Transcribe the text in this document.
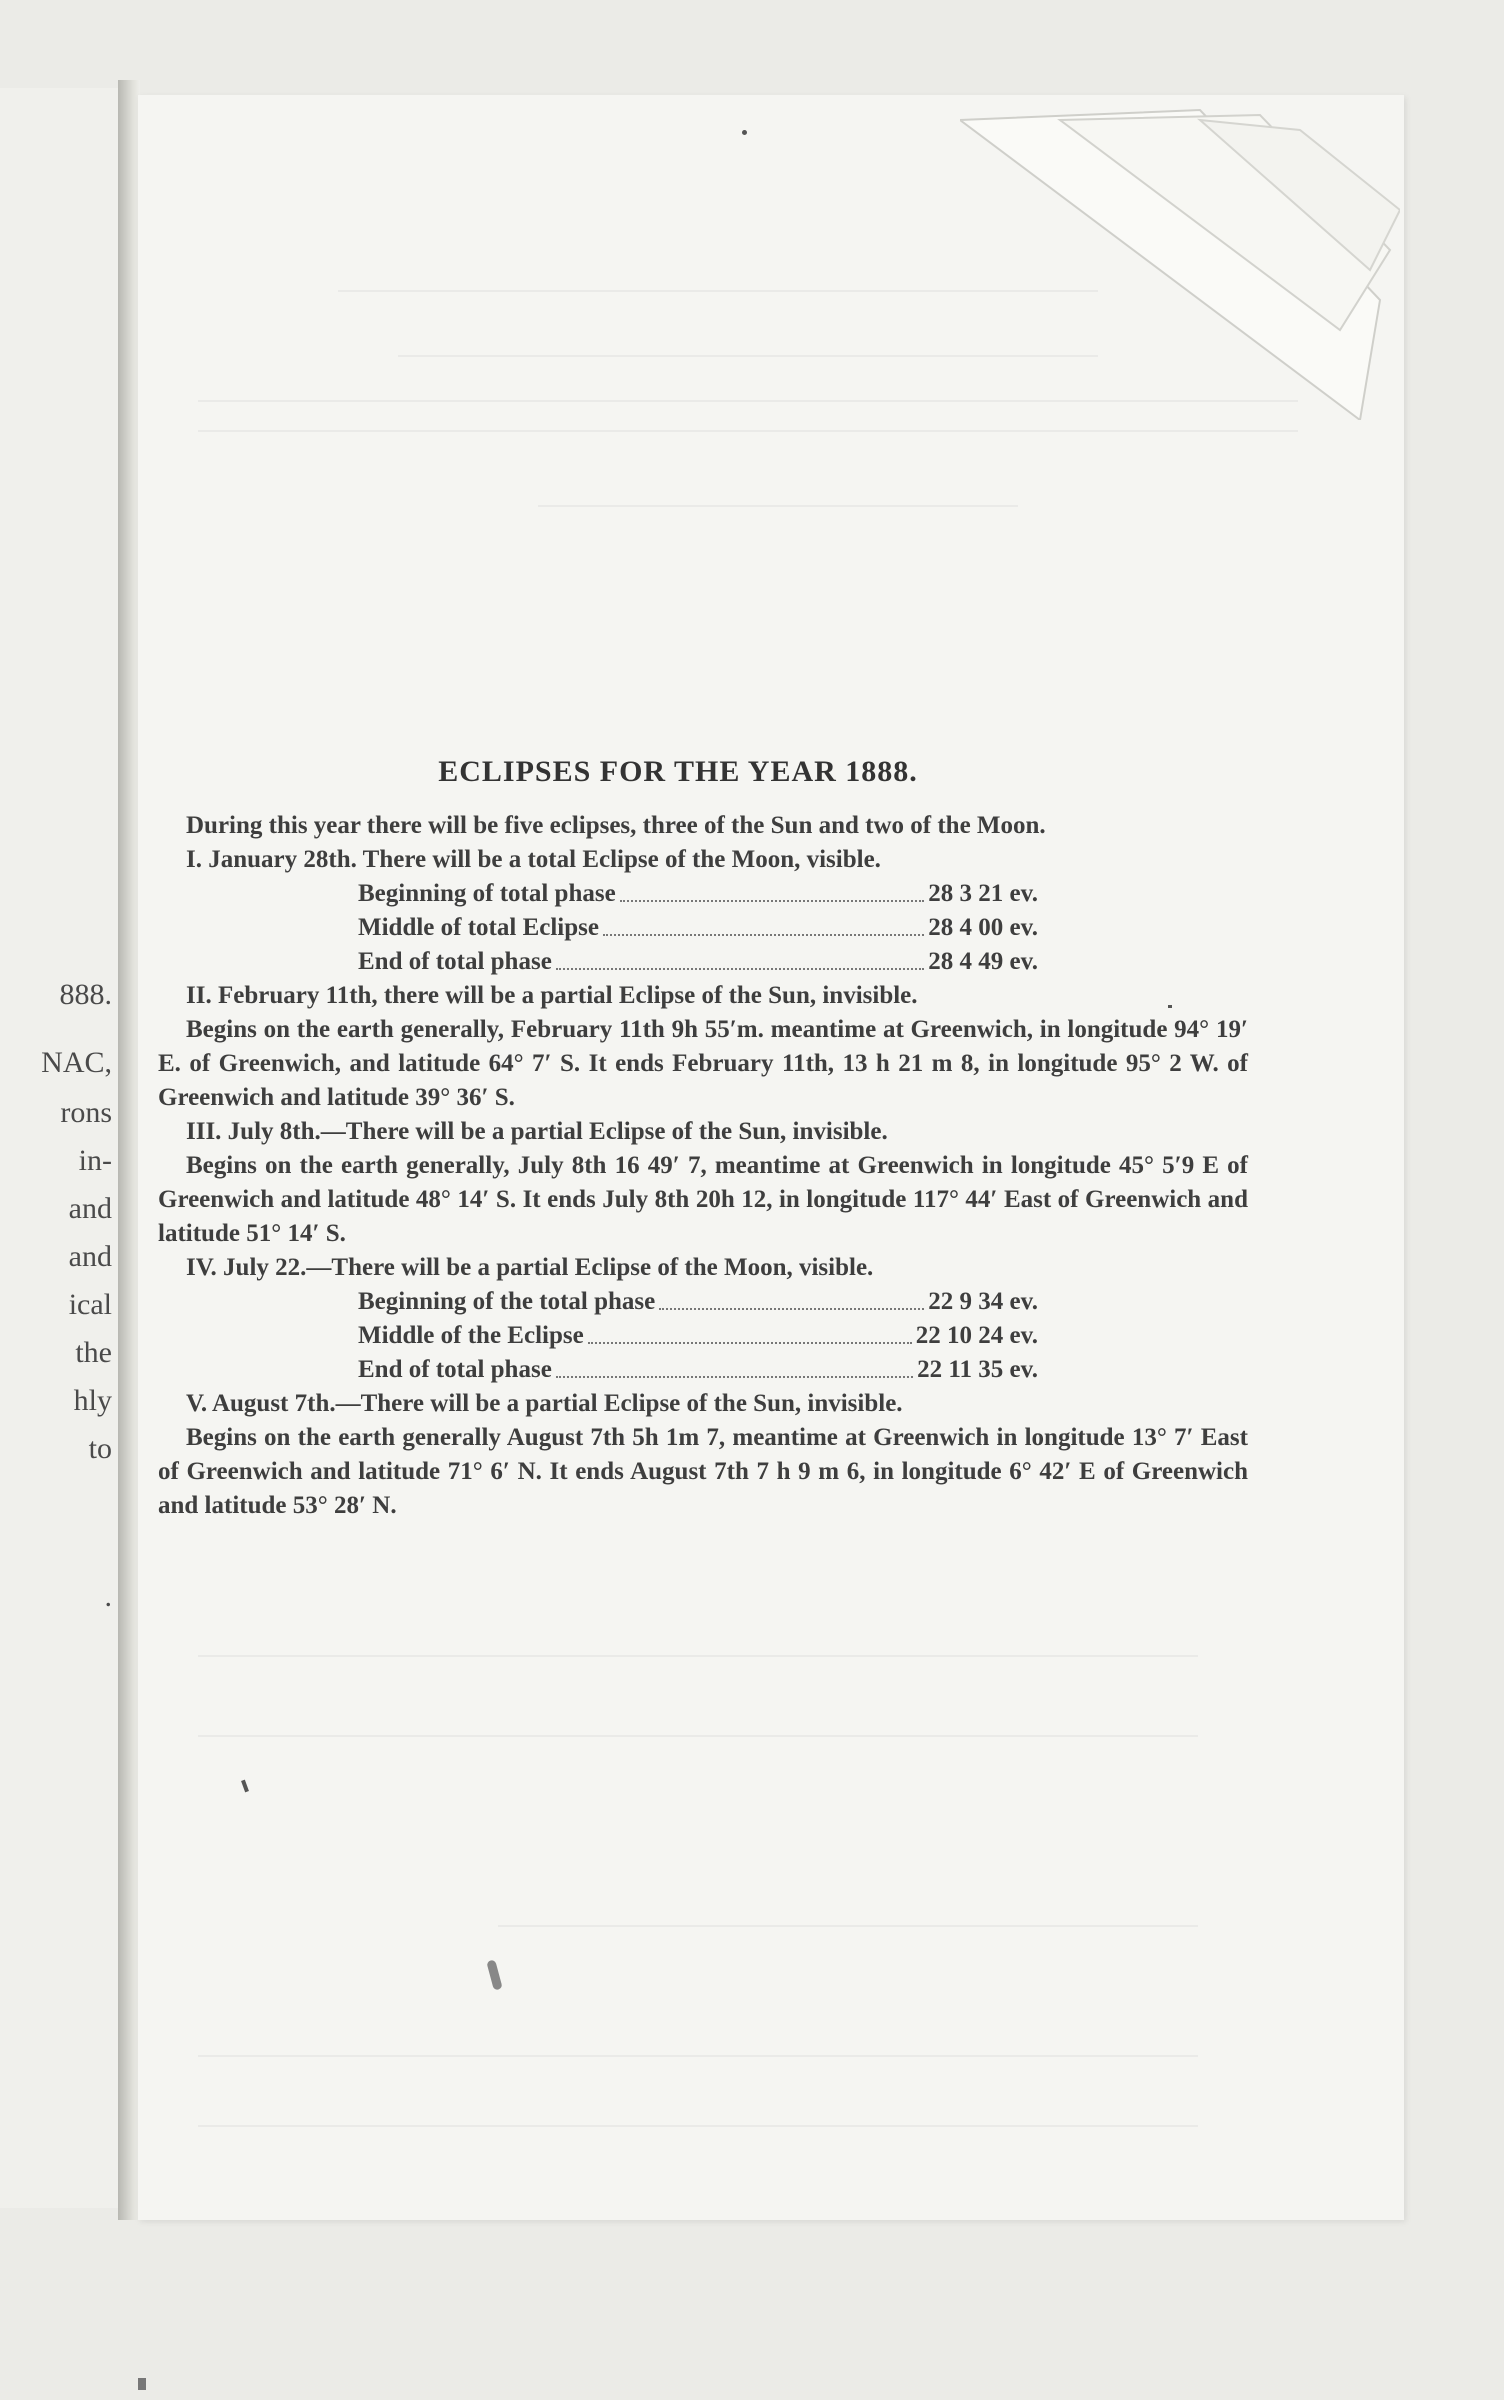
888.
NAC,
rons
in-
and
and
ical
the
hly
to
.
ECLIPSES FOR THE YEAR 1888.

During this year there will be five eclipses, three of the Sun and two of the Moon.

I. January 28th. There will be a total Eclipse of the Moon, visible.

Beginning of total phase	28 3 21 ev.
Middle of total Eclipse	28 4 00 ev.
End of total phase	28 4 49 ev.

II. February 11th, there will be a partial Eclipse of the Sun, invisible.

Begins on the earth generally, February 11th 9h 55′m. meantime at Greenwich, in longitude 94° 19′ E. of Greenwich, and latitude 64° 7′ S. It ends February 11th, 13 h 21 m 8, in longitude 95° 2 W. of Greenwich and latitude 39° 36′ S.

III. July 8th.—There will be a partial Eclipse of the Sun, invisible.

Begins on the earth generally, July 8th 16 49′ 7, meantime at Greenwich in longitude 45° 5′9 E of Greenwich and latitude 48° 14′ S. It ends July 8th 20h 12, in longitude 117° 44′ East of Greenwich and latitude 51° 14′ S.

IV. July 22.—There will be a partial Eclipse of the Moon, visible.

Beginning of the total phase	22 9 34 ev.
Middle of the Eclipse	22 10 24 ev.
End of total phase	22 11 35 ev.

V. August 7th.—There will be a partial Eclipse of the Sun, invisible.

Begins on the earth generally August 7th 5h 1m 7, meantime at Greenwich in longitude 13° 7′ East of Greenwich and latitude 71° 6′ N. It ends August 7th 7 h 9 m 6, in longitude 6° 42′ E of Greenwich and latitude 53° 28′ N.
